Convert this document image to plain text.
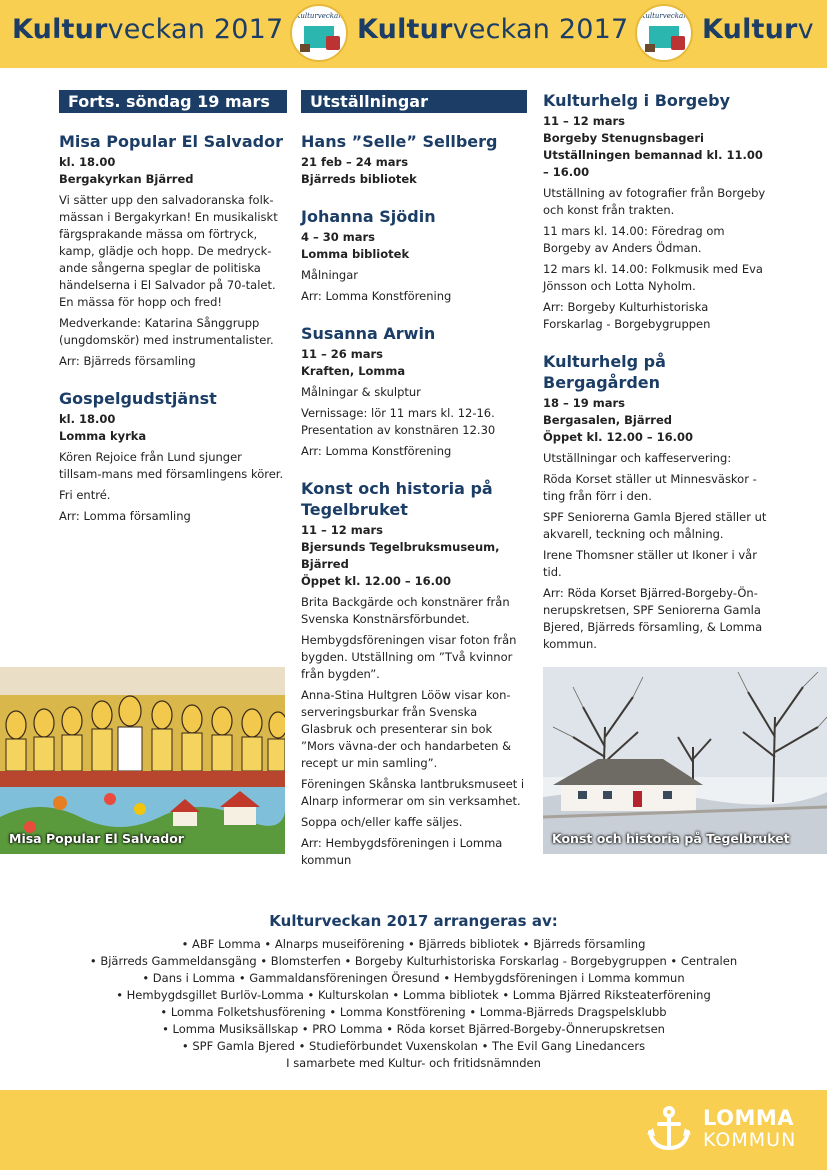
Kulturveckan 2017	Kulturveckan Kulturveckan 2017	Kulturveckan Kulturv
Forts. söndag 19 mars
Misa Popular El Salvador
kl. 18.00
Bergakyrkan Bjärred

Vi sätter upp den salvadoranska folk-mässan i Bergakyrkan! En musikaliskt färgsprakande mässa om förtryck, kamp, glädje och hopp. De medryck-ande sångerna speglar de politiska händelserna i El Salvador på 70-talet. En mässa för hopp och fred!

Medverkande: Katarina Sånggrupp (ungdomskör) med instrumentalister.

Arr: Bjärreds församling

Gospelgudstjänst
kl. 18.00
Lomma kyrka

Kören Rejoice från Lund sjunger tillsam-mans med församlingens körer.

Fri entré.

Arr: Lomma församling

Utställningar
Hans ”Selle” Sellberg
21 feb – 24 mars
Bjärreds bibliotek
Johanna Sjödin
4 – 30 mars
Lomma bibliotek

Målningar

Arr: Lomma Konstförening

Susanna Arwin
11 – 26 mars
Kraften, Lomma

Målningar & skulptur

Vernissage: lör 11 mars kl. 12-16. Presentation av konstnären 12.30

Arr: Lomma Konstförening

Konst och historia på Tegelbruket
11 – 12 mars
Bjersunds Tegelbruksmuseum, Bjärred
Öppet kl. 12.00 – 16.00

Brita Backgärde och konstnärer från Svenska Konstnärsförbundet.

Hembygdsföreningen visar foton från bygden. Utställning om ”Två kvinnor från bygden”.

Anna-Stina Hultgren Lööw visar kon-serveringsburkar från Svenska Glasbruk och presenterar sin bok ”Mors vävna-der och handarbeten & recept ur min samling”.

Föreningen Skånska lantbruksmuseet i Alnarp informerar om sin verksamhet.

Soppa och/eller kaffe säljes.

Arr: Hembygdsföreningen i Lomma kommun

Kulturhelg i Borgeby
11 – 12 mars
Borgeby Stenugnsbageri
Utställningen bemannad kl. 11.00 – 16.00

Utställning av fotografier från Borgeby och konst från trakten.

11 mars kl. 14.00: Föredrag om Borgeby av Anders Ödman.

12 mars kl. 14.00: Folkmusik med Eva Jönsson och Lotta Nyholm.

Arr: Borgeby Kulturhistoriska Forskarlag - Borgebygruppen

Kulturhelg på Bergagården
18 – 19 mars
Bergasalen, Bjärred
Öppet kl. 12.00 – 16.00

Utställningar och kaffeservering:

Röda Korset ställer ut Minnesväskor - ting från förr i den.

SPF Seniorerna Gamla Bjered ställer ut akvarell, teckning och målning.

Irene Thomsner ställer ut Ikoner i vår tid.

Arr: Röda Korset Bjärred-Borgeby-Ön-nerupskretsen, SPF Seniorerna Gamla Bjered, Bjärreds församling, & Lomma kommun.

Misa Popular El Salvador	Konst och historia på Tegelbruket
Kulturveckan 2017 arrangeras av:
• ABF Lomma • Alnarps museiförening • Bjärreds bibliotek • Bjärreds församling
• Bjärreds Gammeldansgäng • Blomsterfen • Borgeby Kulturhistoriska Forskarlag - Borgebygruppen • Centralen
• Dans i Lomma • Gammaldansföreningen Öresund • Hembygdsföreningen i Lomma kommun
• Hembygdsgillet Burlöv-Lomma • Kulturskolan • Lomma bibliotek • Lomma Bjärred Riksteaterförening
• Lomma Folketshusförening • Lomma Konstförening • Lomma-Bjärreds Dragspelsklubb
• Lomma Musiksällskap • PRO Lomma • Röda korset Bjärred-Borgeby-Önnerupskretsen
• SPF Gamla Bjered • Studieförbundet Vuxenskolan • The Evil Gang Linedancers
I samarbete med Kultur- och fritidsnämnden
LOMMA
KOMMUN
